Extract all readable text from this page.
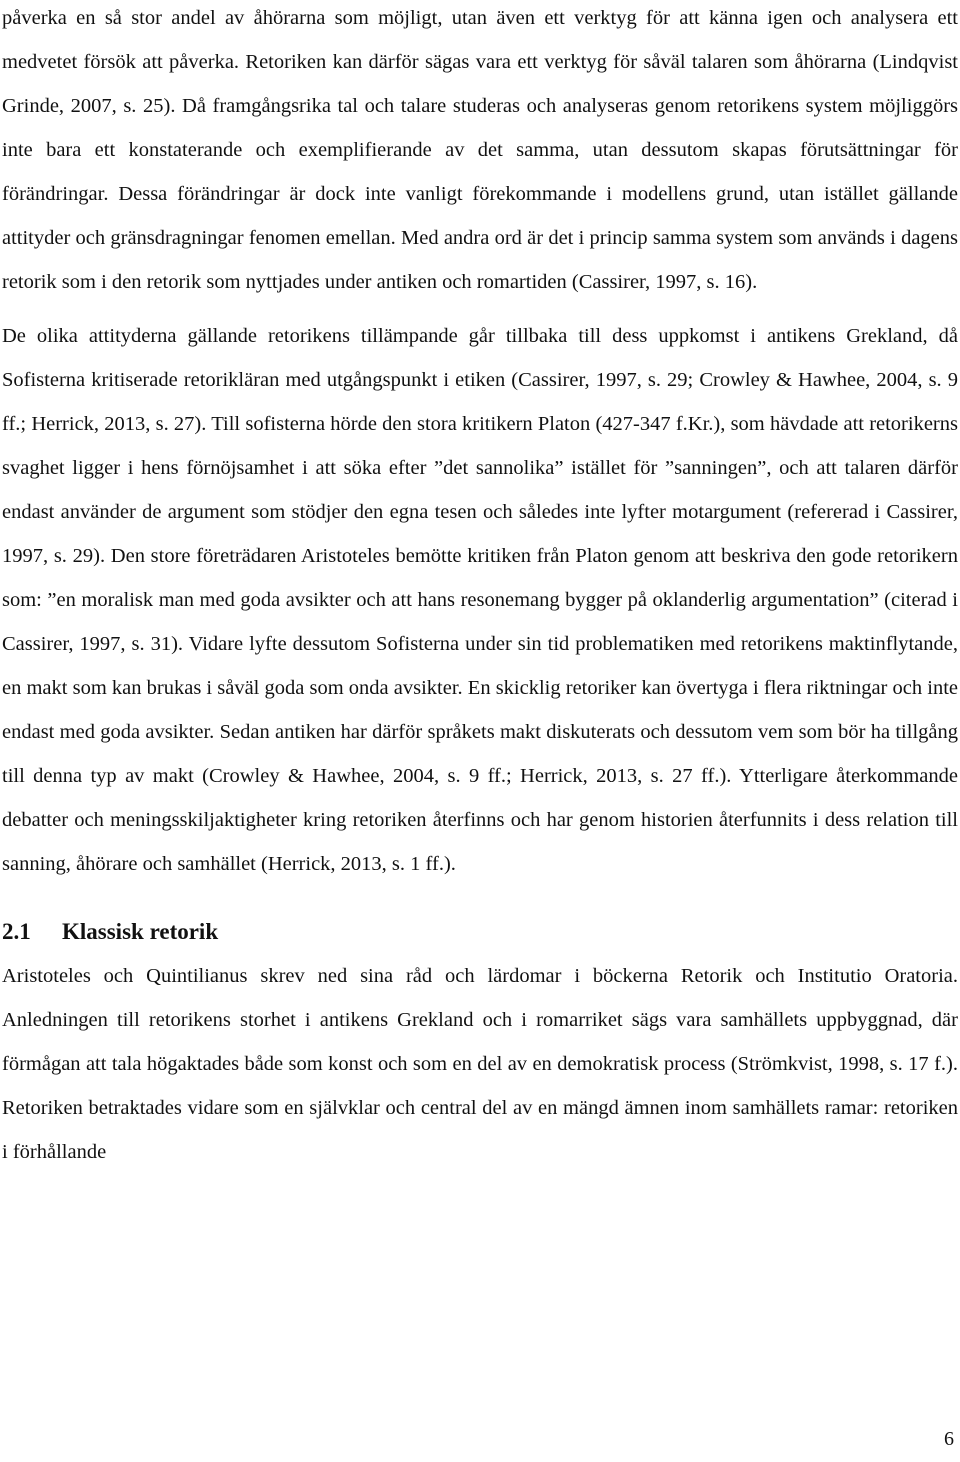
påverka en så stor andel av åhörarna som möjligt, utan även ett verktyg för att känna igen och analysera ett medvetet försök att påverka. Retoriken kan därför sägas vara ett verktyg för såväl talaren som åhörarna (Lindqvist Grinde, 2007, s. 25). Då framgångsrika tal och talare studeras och analyseras genom retorikens system möjliggörs inte bara ett konstaterande och exemplifierande av det samma, utan dessutom skapas förutsättningar för förändringar. Dessa förändringar är dock inte vanligt förekommande i modellens grund, utan istället gällande attityder och gränsdragningar fenomen emellan. Med andra ord är det i princip samma system som används i dagens retorik som i den retorik som nyttjades under antiken och romartiden (Cassirer, 1997, s. 16).

De olika attityderna gällande retorikens tillämpande går tillbaka till dess uppkomst i antikens Grekland, då Sofisterna kritiserade retorikläran med utgångspunkt i etiken (Cassirer, 1997, s. 29; Crowley & Hawhee, 2004, s. 9 ff.; Herrick, 2013, s. 27). Till sofisterna hörde den stora kritikern Platon (427-347 f.Kr.), som hävdade att retorikerns svaghet ligger i hens förnöjsamhet i att söka efter ”det sannolika” istället för ”sanningen”, och att talaren därför endast använder de argument som stödjer den egna tesen och således inte lyfter motargument (refererad i Cassirer, 1997, s. 29). Den store företrädaren Aristoteles bemötte kritiken från Platon genom att beskriva den gode retorikern som: ”en moralisk man med goda avsikter och att hans resonemang bygger på oklanderlig argumentation” (citerad i Cassirer, 1997, s. 31). Vidare lyfte dessutom Sofisterna under sin tid problematiken med retorikens maktinflytande, en makt som kan brukas i såväl goda som onda avsikter. En skicklig retoriker kan övertyga i flera riktningar och inte endast med goda avsikter. Sedan antiken har därför språkets makt diskuterats och dessutom vem som bör ha tillgång till denna typ av makt (Crowley & Hawhee, 2004, s. 9 ff.; Herrick, 2013, s. 27 ff.). Ytterligare återkommande debatter och meningsskiljaktigheter kring retoriken återfinns och har genom historien återfunnits i dess relation till sanning, åhörare och samhället (Herrick, 2013, s. 1 ff.).

2.1	Klassisk retorik

Aristoteles och Quintilianus skrev ned sina råd och lärdomar i böckerna Retorik och Institutio Oratoria. Anledningen till retorikens storhet i antikens Grekland och i romarriket sägs vara samhällets uppbyggnad, där förmågan att tala högaktades både som konst och som en del av en demokratisk process (Strömkvist, 1998, s. 17 f.). Retoriken betraktades vidare som en självklar och central del av en mängd ämnen inom samhällets ramar: retoriken i förhållande

6
